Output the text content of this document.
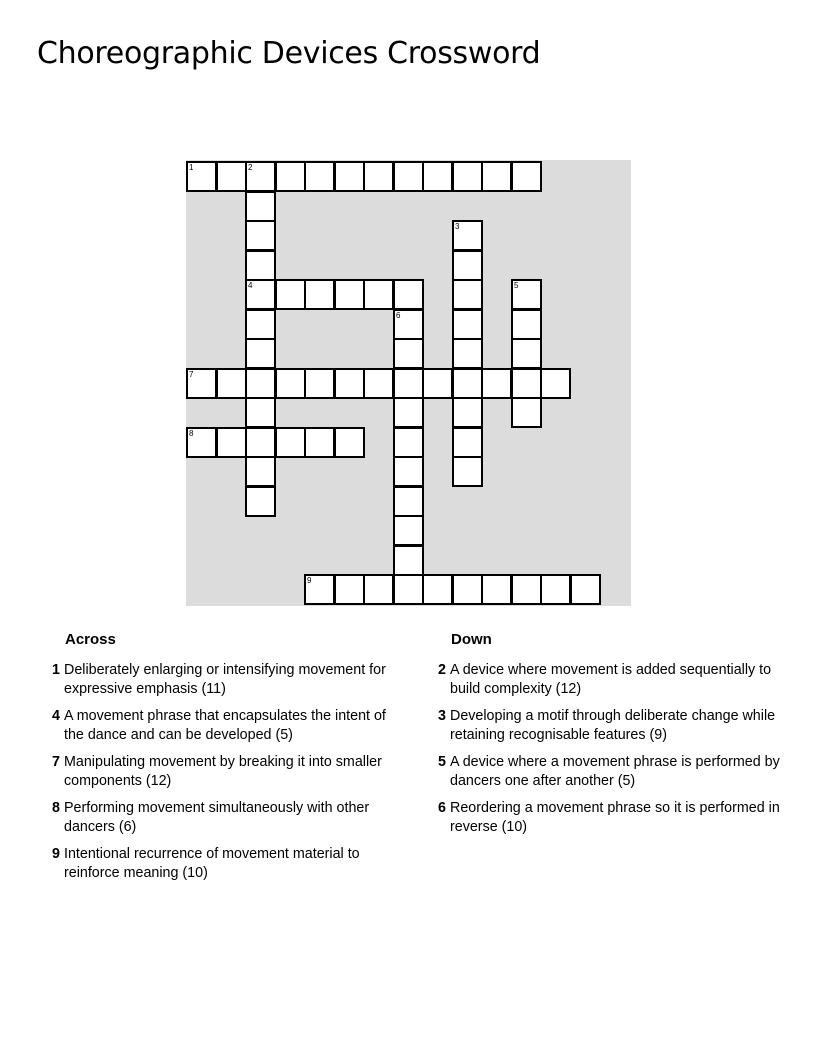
Choreographic Devices Crossword
1	2
4
3
5
6
7
8
9
Across
1 Deliberately enlarging or intensifying movement for expressive emphasis (11)
4 A movement phrase that encapsulates the intent of the dance and can be developed (5)
7 Manipulating movement by breaking it into smaller components (12)
8 Performing movement simultaneously with other dancers (6)
9 Intentional recurrence of movement material to reinforce meaning (10)
Down
2 A device where movement is added sequentially to build complexity (12)
3 Developing a motif through deliberate change while retaining recognisable features (9)
5 A device where a movement phrase is performed by dancers one after another (5)
6 Reordering a movement phrase so it is performed in reverse (10)
